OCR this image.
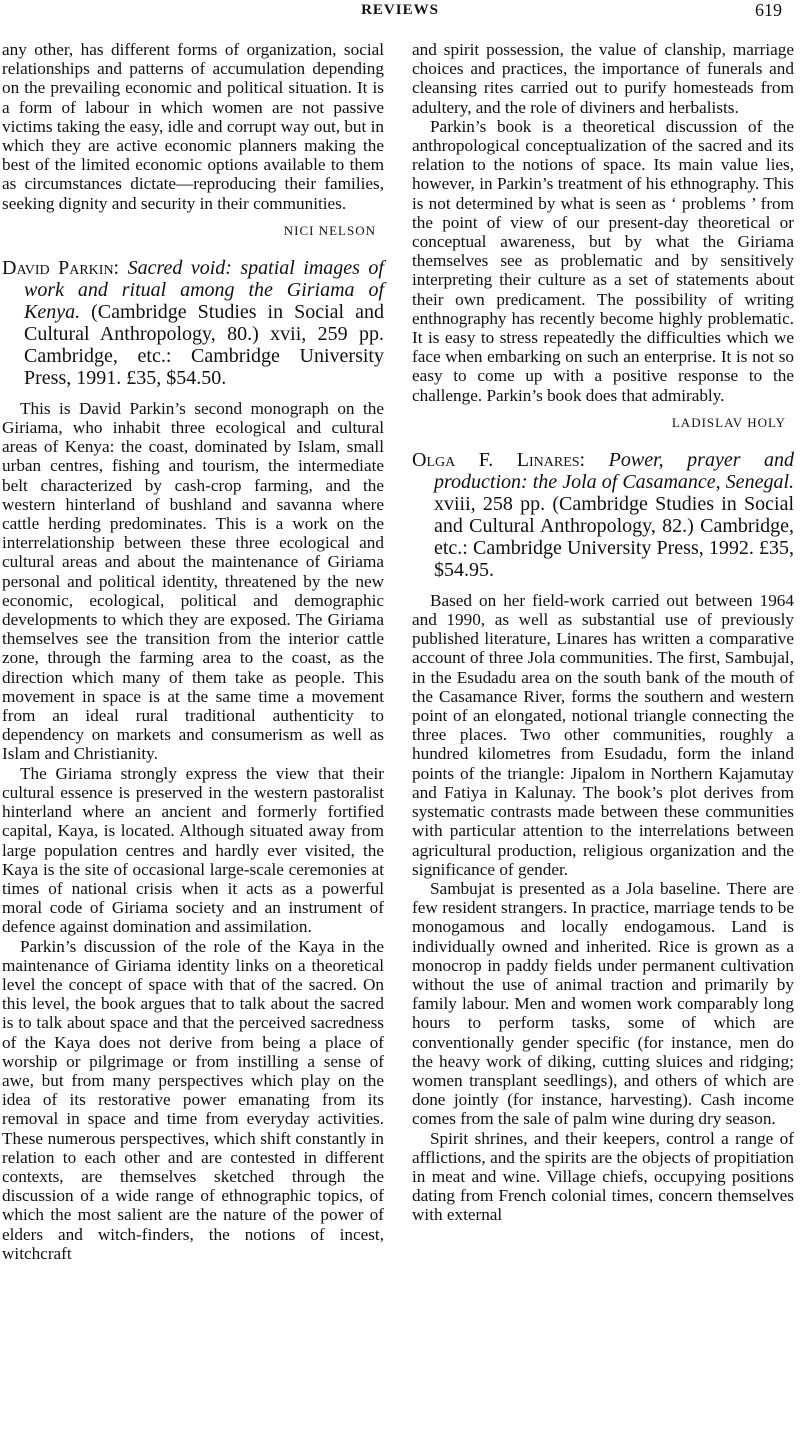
REVIEWS	619

any other, has different forms of organization, social relationships and patterns of accumulation depending on the prevailing economic and political situation. It is a form of labour in which women are not passive victims taking the easy, idle and corrupt way out, but in which they are active economic planners making the best of the limited economic options available to them as circumstances dictate—reproducing their families, seeking dignity and security in their communities.

NICI NELSON
David Parkin: Sacred void: spatial images of work and ritual among the Giriama of Kenya. (Cambridge Studies in Social and Cultural Anthropology, 80.) xvii, 259 pp. Cambridge, etc.: Cambridge University Press, 1991. £35, $54.50.

This is David Parkin’s second monograph on the Giriama, who inhabit three ecological and cultural areas of Kenya: the coast, dominated by Islam, small urban centres, fishing and tourism, the intermediate belt characterized by cash-crop farming, and the western hinterland of bushland and savanna where cattle herding predominates. This is a work on the interrelationship between these three ecological and cultural areas and about the maintenance of Giriama personal and political identity, threatened by the new economic, ecological, political and demographic developments to which they are exposed. The Giriama themselves see the transition from the interior cattle zone, through the farming area to the coast, as the direction which many of them take as people. This movement in space is at the same time a movement from an ideal rural traditional authenticity to dependency on markets and consumerism as well as Islam and Christianity.

The Giriama strongly express the view that their cultural essence is preserved in the western pastoralist hinterland where an ancient and formerly fortified capital, Kaya, is located. Although situated away from large population centres and hardly ever visited, the Kaya is the site of occasional large-scale ceremonies at times of national crisis when it acts as a powerful moral code of Giriama society and an instrument of defence against domination and assimilation.

Parkin’s discussion of the role of the Kaya in the maintenance of Giriama identity links on a theoretical level the concept of space with that of the sacred. On this level, the book argues that to talk about the sacred is to talk about space and that the perceived sacredness of the Kaya does not derive from being a place of worship or pilgrimage or from instilling a sense of awe, but from many perspectives which play on the idea of its restorative power emanating from its removal in space and time from everyday activities. These numerous perspectives, which shift constantly in relation to each other and are contested in different contexts, are themselves sketched through the discussion of a wide range of ethnographic topics, of which the most salient are the nature of the power of elders and witch-finders, the notions of incest, witchcraft

and spirit possession, the value of clanship, marriage choices and practices, the importance of funerals and cleansing rites carried out to purify homesteads from adultery, and the role of diviners and herbalists.

Parkin’s book is a theoretical discussion of the anthropological conceptualization of the sacred and its relation to the notions of space. Its main value lies, however, in Parkin’s treatment of his ethnography. This is not determined by what is seen as ‘ problems ’ from the point of view of our present-day theoretical or conceptual awareness, but by what the Giriama themselves see as problematic and by sensitively interpreting their culture as a set of statements about their own predicament. The possibility of writing enthnography has recently become highly problematic. It is easy to stress repeatedly the difficulties which we face when embarking on such an enterprise. It is not so easy to come up with a positive response to the challenge. Parkin’s book does that admirably.

LADISLAV HOLY
Olga F. Linares: Power, prayer and production: the Jola of Casamance, Senegal. xviii, 258 pp. (Cambridge Studies in Social and Cultural Anthropology, 82.) Cambridge, etc.: Cambridge University Press, 1992. £35, $54.95.

Based on her field-work carried out between 1964 and 1990, as well as substantial use of previously published literature, Linares has written a comparative account of three Jola communities. The first, Sambujal, in the Esudadu area on the south bank of the mouth of the Casamance River, forms the southern and western point of an elongated, notional triangle connecting the three places. Two other communities, roughly a hundred kilometres from Esudadu, form the inland points of the triangle: Jipalom in Northern Kajamutay and Fatiya in Kalunay. The book’s plot derives from systematic contrasts made between these communities with particular attention to the interrelations between agricultural production, religious organization and the significance of gender.

Sambujat is presented as a Jola baseline. There are few resident strangers. In practice, marriage tends to be monogamous and locally endogamous. Land is individually owned and inherited. Rice is grown as a monocrop in paddy fields under permanent cultivation without the use of animal traction and primarily by family labour. Men and women work comparably long hours to perform tasks, some of which are conventionally gender specific (for instance, men do the heavy work of diking, cutting sluices and ridging; women transplant seedlings), and others of which are done jointly (for instance, harvesting). Cash income comes from the sale of palm wine during dry season.

Spirit shrines, and their keepers, control a range of afflictions, and the spirits are the objects of propitiation in meat and wine. Village chiefs, occupying positions dating from French colonial times, concern themselves with external
